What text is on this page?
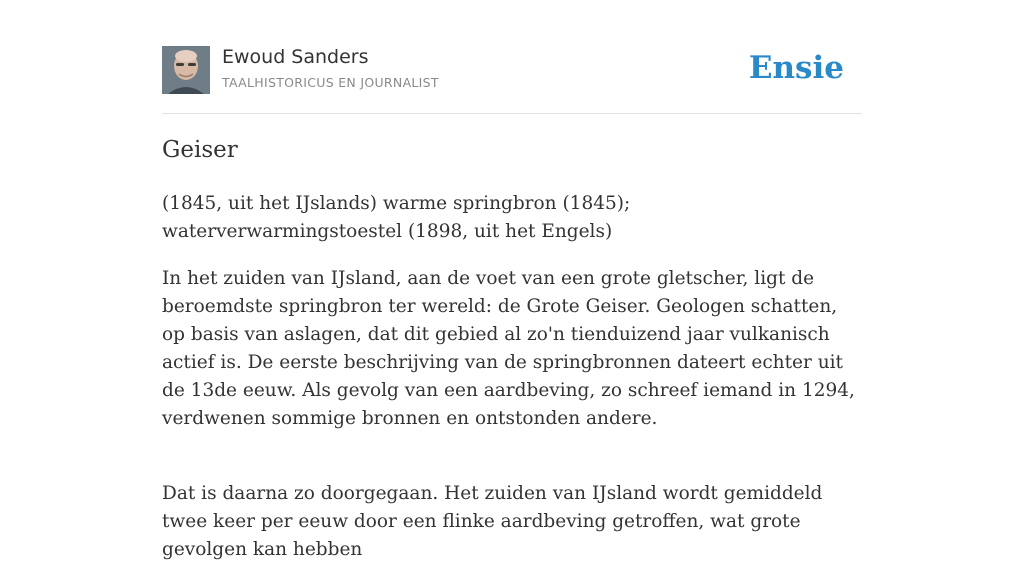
Ewoud Sanders
TAALHISTORICUS EN JOURNALIST	Ensie
Geiser

(1845, uit het IJslands) warme springbron (1845); waterverwarmingstoestel (1898, uit het Engels)

In het zuiden van IJsland, aan de voet van een grote gletscher, ligt de beroemdste springbron ter wereld: de Grote Geiser. Geologen schatten, op basis van aslagen, dat dit gebied al zo'n tienduizend jaar vulkanisch actief is. De eerste beschrijving van de springbronnen dateert echter uit de 13de eeuw. Als gevolg van een aardbeving, zo schreef iemand in 1294, verdwenen sommige bronnen en ontstonden andere.

Dat is daarna zo doorgegaan. Het zuiden van IJsland wordt gemiddeld twee keer per eeuw door een flinke aardbeving getroffen, wat grote gevolgen kan hebben
